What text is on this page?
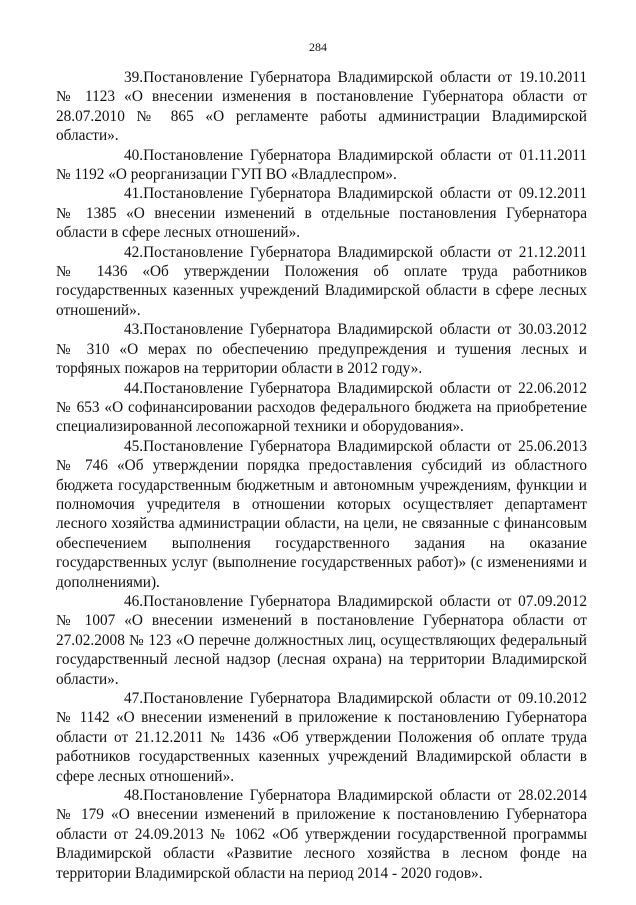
284

39.Постановление Губернатора Владимирской области от 19.10.2011 № 1123 «О внесении изменения в постановление Губернатора области от 28.07.2010 № 865 «О регламенте работы администрации Владимирской области».

40.Постановление Губернатора Владимирской области от 01.11.2011 № 1192 «О реорганизации ГУП ВО «Владлеспром».

41.Постановление Губернатора Владимирской области от 09.12.2011 № 1385 «О внесении изменений в отдельные постановления Губернатора области в сфере лесных отношений».

42.Постановление Губернатора Владимирской области от 21.12.2011 № 1436 «Об утверждении Положения об оплате труда работников государственных казенных учреждений Владимирской области в сфере лесных отношений».

43.Постановление Губернатора Владимирской области от 30.03.2012 № 310 «О мерах по обеспечению предупреждения и тушения лесных и торфяных пожаров на территории области в 2012 году».

44.Постановление Губернатора Владимирской области от 22.06.2012 № 653 «О софинансировании расходов федерального бюджета на приобретение специализированной лесопожарной техники и оборудования».

45.Постановление Губернатора Владимирской области от 25.06.2013 № 746 «Об утверждении порядка предоставления субсидий из областного бюджета государственным бюджетным и автономным учреждениям, функции и полномочия учредителя в отношении которых осуществляет департамент лесного хозяйства администрации области, на цели, не связанные с финансовым обеспечением выполнения государственного задания на оказание государственных услуг (выполнение государственных работ)» (с изменениями и дополнениями).

46.Постановление Губернатора Владимирской области от 07.09.2012 № 1007 «О внесении изменений в постановление Губернатора области от 27.02.2008 № 123 «О перечне должностных лиц, осуществляющих федеральный государственный лесной надзор (лесная охрана) на территории Владимирской области».

47.Постановление Губернатора Владимирской области от 09.10.2012 № 1142 «О внесении изменений в приложение к постановлению Губернатора области от 21.12.2011 № 1436 «Об утверждении Положения об оплате труда работников государственных казенных учреждений Владимирской области в сфере лесных отношений».

48.Постановление Губернатора Владимирской области от 28.02.2014 № 179 «О внесении изменений в приложение к постановлению Губернатора области от 24.09.2013 № 1062 «Об утверждении государственной программы Владимирской области «Развитие лесного хозяйства в лесном фонде на территории Владимирской области на период 2014 - 2020 годов».
